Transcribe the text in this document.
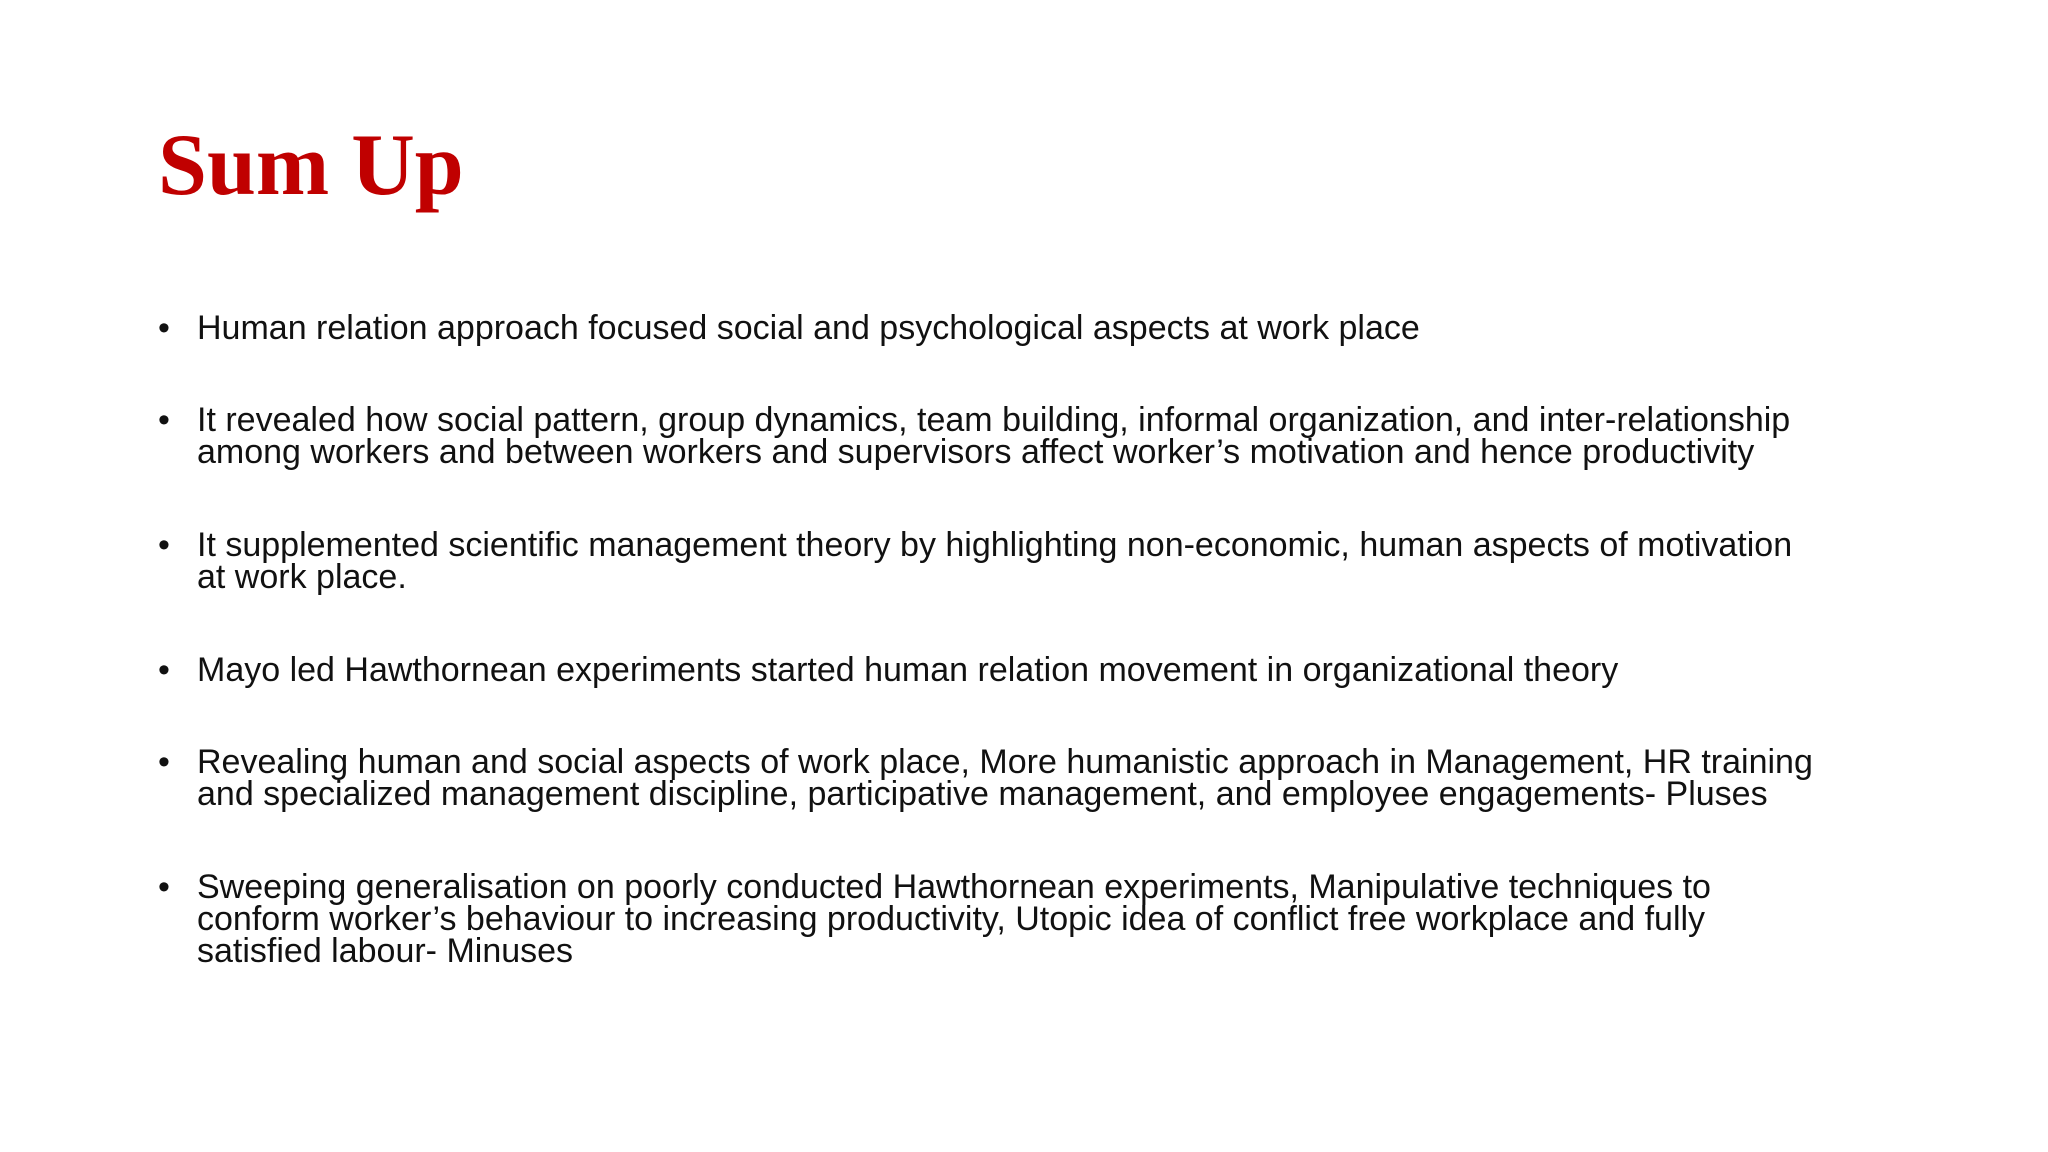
Sum Up
• Human relation approach focused social and psychological aspects at work place
• It revealed how social pattern, group dynamics, team building, informal organization, and inter-relationship
among workers and between workers and supervisors affect worker’s motivation and hence productivity
• It supplemented scientific management theory by highlighting non-economic, human aspects of motivation
at work place.
• Mayo led Hawthornean experiments started human relation movement in organizational theory
• Revealing human and social aspects of work place, More humanistic approach in Management, HR training
and specialized management discipline, participative management, and employee engagements- Pluses
• Sweeping generalisation on poorly conducted Hawthornean experiments, Manipulative techniques to
conform worker’s behaviour to increasing productivity, Utopic idea of conflict free workplace and fully
satisfied labour- Minuses
